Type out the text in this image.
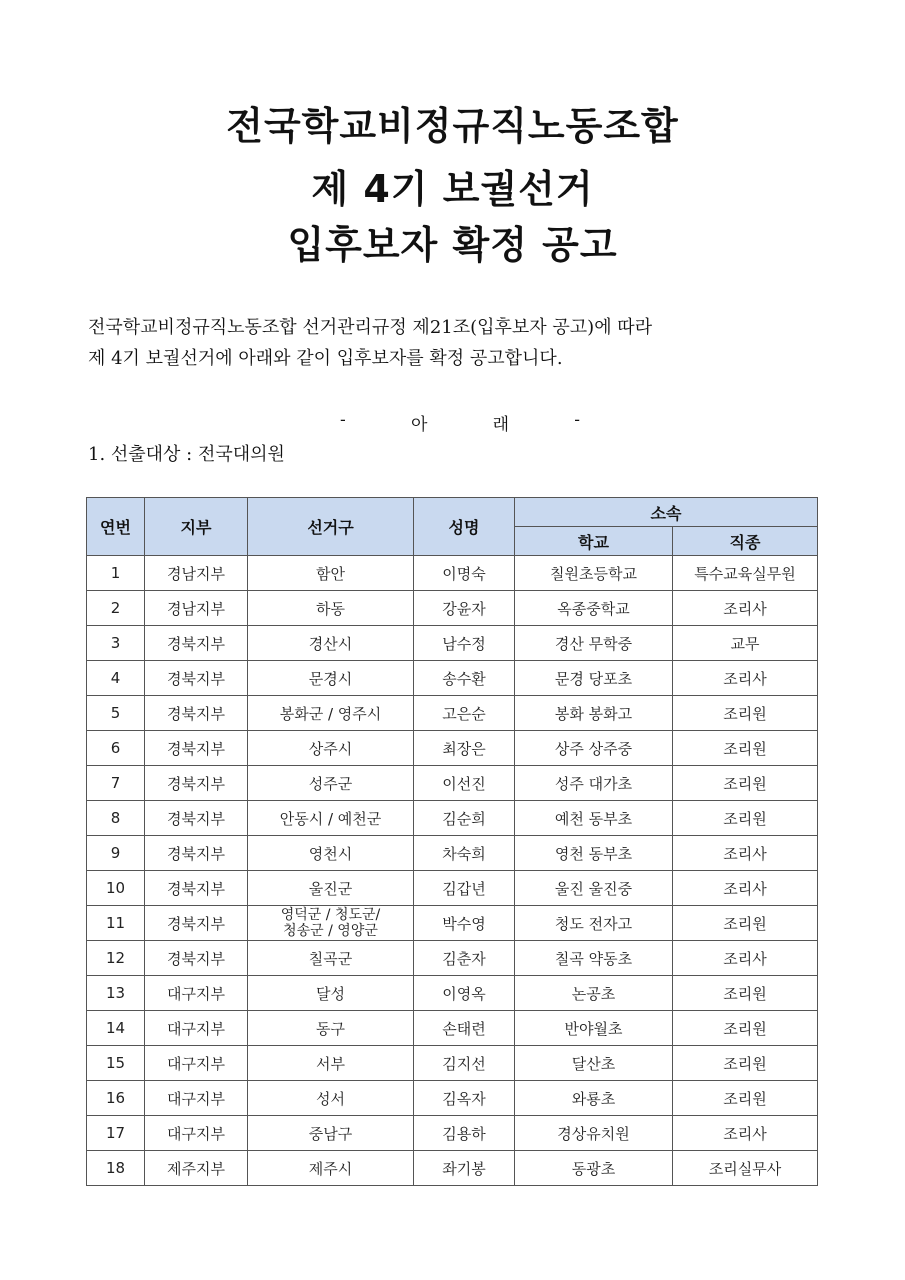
전국학교비정규직노동조합
제 4기 보궐선거
입후보자 확정 공고
전국학교비정규직노동조합 선거관리규정 제21조(입후보자 공고)에 따라
제 4기 보궐선거에 아래와 같이 입후보자를 확정 공고합니다.
-	아	래	-
1. 선출대상 : 전국대의원
연번	지부	선거구	성명	소속	
				학교	직종
1	경남지부	함안	이명숙	칠원초등학교	특수교육실무원
2	경남지부	하동	강윤자	옥종중학교	조리사
3	경북지부	경산시	남수정	경산 무학중	교무
4	경북지부	문경시	송수환	문경 당포초	조리사
5	경북지부	봉화군 / 영주시	고은순	봉화 봉화고	조리원
6	경북지부	상주시	최장은	상주 상주중	조리원
7	경북지부	성주군	이선진	성주 대가초	조리원
8	경북지부	안동시 / 예천군	김순희	예천 동부초	조리원
9	경북지부	영천시	차숙희	영천 동부초	조리사
10	경북지부	울진군	김갑년	울진 울진중	조리사
11	경북지부	영덕군 / 청도군/
청송군 / 영양군	박수영	청도 전자고	조리원
12	경북지부	칠곡군	김춘자	칠곡 약동초	조리사
13	대구지부	달성	이영옥	논공초	조리원
14	대구지부	동구	손태련	반야월초	조리원
15	대구지부	서부	김지선	달산초	조리원
16	대구지부	성서	김옥자	와룡초	조리원
17	대구지부	중남구	김용하	경상유치원	조리사
18	제주지부	제주시	좌기봉	동광초	조리실무사
